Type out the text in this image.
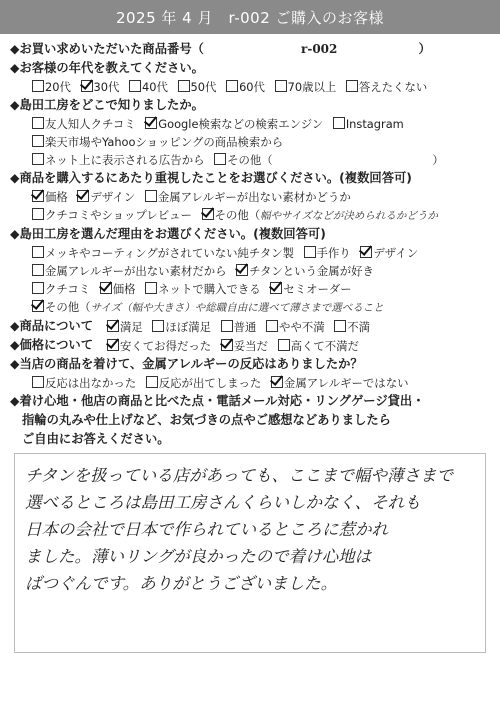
2025 年 4 月　r-002 ご購入のお客様
◆お買い求めいただいた商品番号（	r-002	）
◆お客様の年代を教えてください。
20代 30代 40代 50代 60代 70歳以上 答えたくない
◆島田工房をどこで知りましたか。
友人知人クチコミ Google検索などの検索エンジン Instagram
楽天市場やYahooショッピングの商品検索から
ネット上に表示される広告から その他（	）
◆商品を購入するにあたり重視したことをお選びください。(複数回答可)
価格 デザイン 金属アレルギーが出ない素材かどうか
クチコミやショップレビュー その他（幅やサイズなどが決められるかどうか
◆島田工房を選んだ理由をお選びください。(複数回答可)
メッキやコーティングがされていない純チタン製 手作り デザイン
金属アレルギーが出ない素材だから チタンという金属が好き
クチコミ 価格 ネットで購入できる セミオーダー
その他（サイズ（幅や大きさ）や総職自由に選べて薄さまで選べること
◆商品について	満足 ほぼ満足 普通 やや不満 不満
◆価格について	安くてお得だった 妥当だ 高くて不満だ
◆当店の商品を着けて、金属アレルギーの反応はありましたか？
反応は出なかった 反応が出てしまった 金属アレルギーではない
◆着け心地・他店の商品と比べた点・電話メール対応・リングゲージ貸出・
指輪の丸みや仕上げなど、お気づきの点やご感想などありましたら
ご自由にお答えください。
チタンを扱っている店があっても、ここまで幅や薄さまで
選べるところは島田工房さんくらいしかなく、それも
日本の会社で日本で作られているところに惹かれ
ました。薄いリングが良かったので着け心地は
ばつぐんです。ありがとうございました。
